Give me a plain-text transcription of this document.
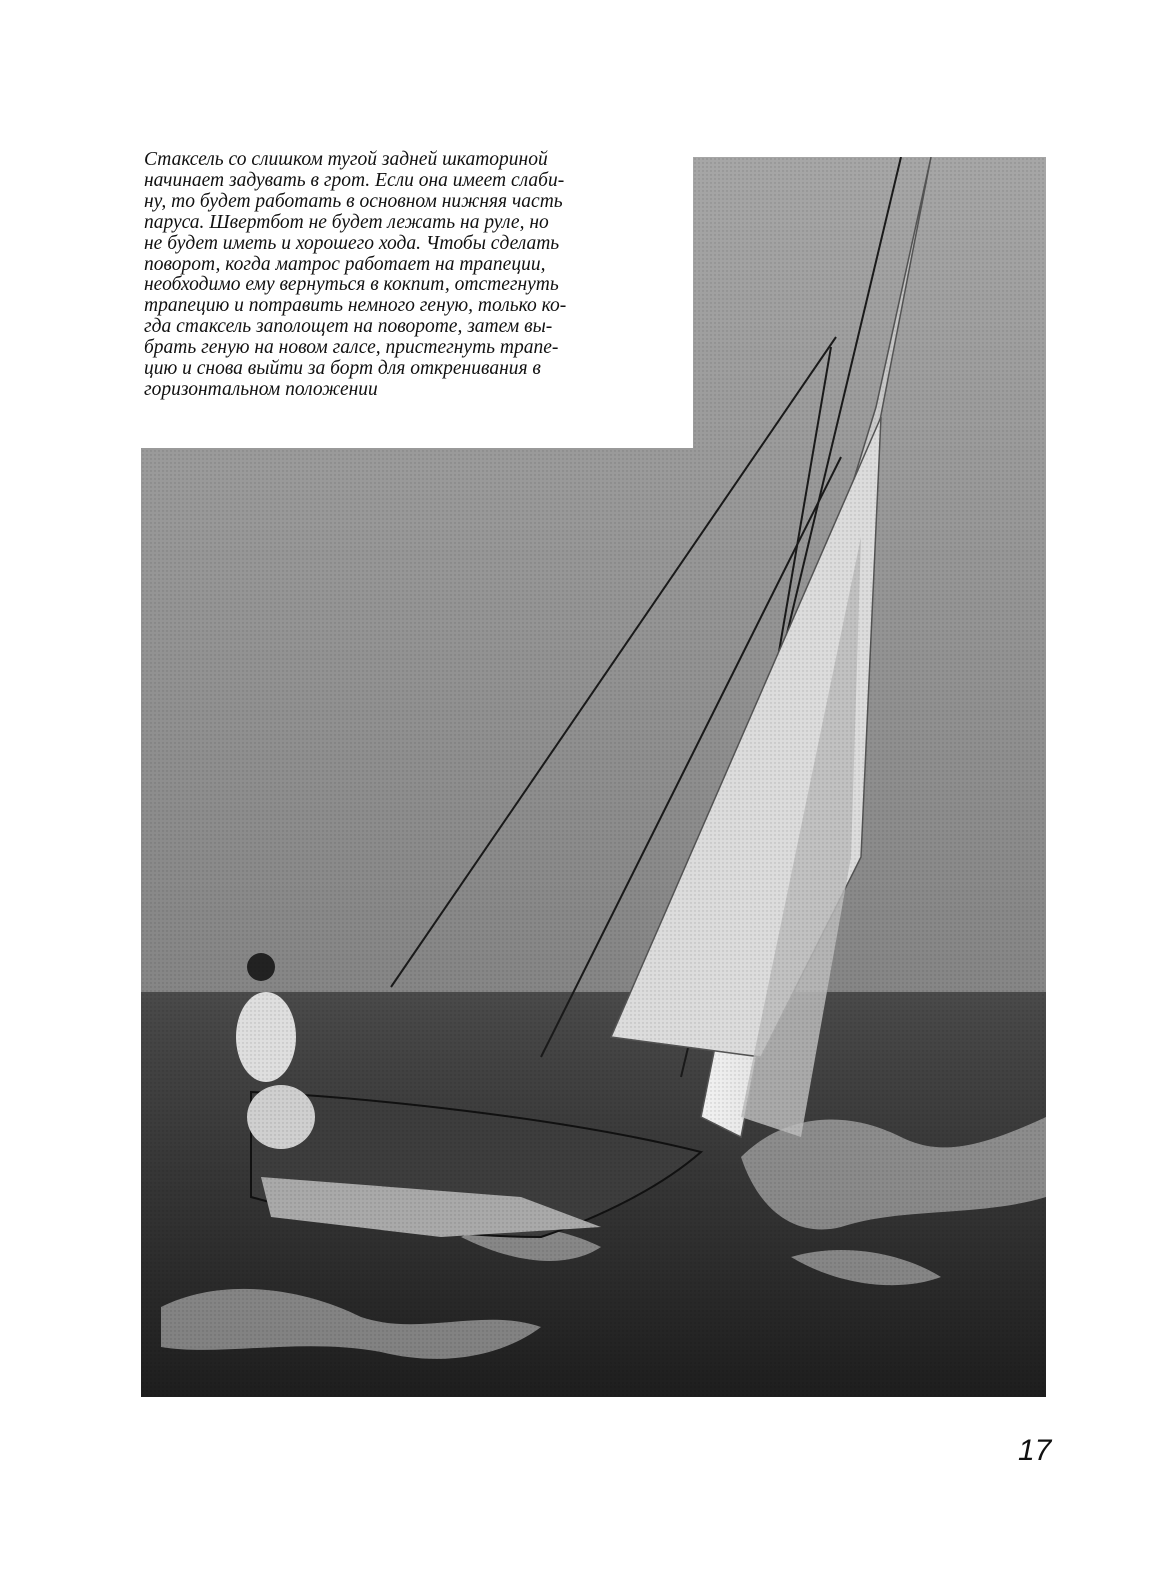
Стаксель со слишком тугой задней шкаториной
начинает задувать в грот. Если она имеет слаби-
ну, то будет работать в основном нижняя часть
паруса. Швертбот не будет лежать на руле, но
не будет иметь и хорошего хода. Чтобы сделать
поворот, когда матрос работает на трапеции,
необходимо ему вернуться в кокпит, отстегнуть
трапецию и потравить немного геную, только ко-
гда стаксель заполощет на повороте, затем вы-
брать геную на новом галсе, пристегнуть трапе-
цию и снова выйти за борт для откренивания в
горизонтальном положении

17
